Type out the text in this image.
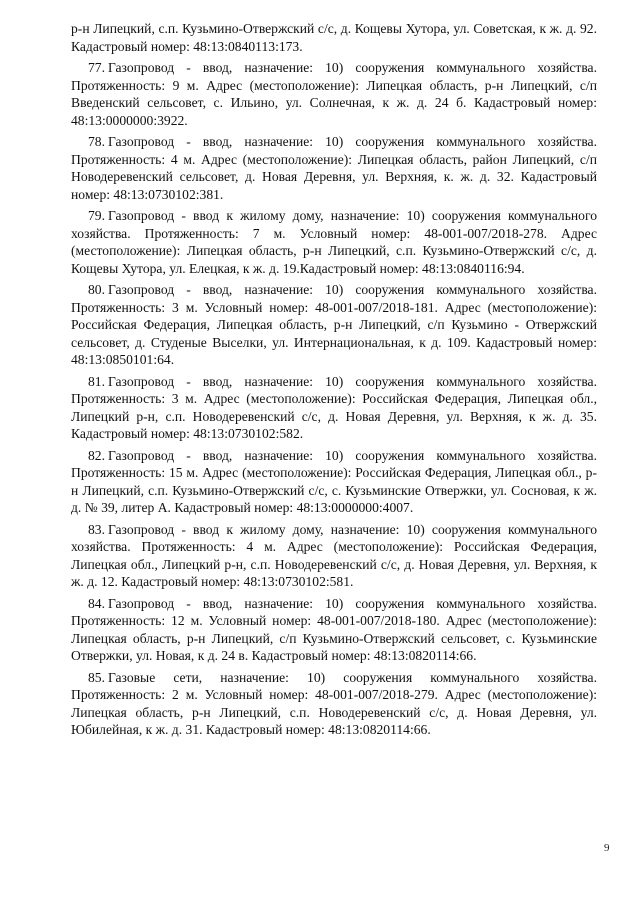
р-н Липецкий, с.п. Кузьмино-Отвержский с/с, д. Кощевы Хутора, ул. Советская, к ж. д. 92. Кадастровый номер: 48:13:0840113:173.

77. Газопровод - ввод, назначение: 10) сооружения коммунального хозяйства. Протяженность: 9 м. Адрес (местоположение): Липецкая область, р-н Липецкий, с/п Введенский сельсовет, с. Ильино, ул. Солнечная, к ж. д. 24 б. Кадастровый номер: 48:13:0000000:3922.

78. Газопровод - ввод, назначение: 10) сооружения коммунального хозяйства. Протяженность: 4 м. Адрес (местоположение): Липецкая область, район Липецкий, с/п Новодеревенский сельсовет, д. Новая Деревня, ул. Верхняя, к. ж. д. 32. Кадастровый номер: 48:13:0730102:381.

79. Газопровод - ввод к жилому дому, назначение: 10) сооружения коммунального хозяйства. Протяженность: 7 м. Условный номер: 48-001-007/2018-278. Адрес (местоположение): Липецкая область, р-н Липецкий, с.п. Кузьмино-Отвержский с/с, д. Кощевы Хутора, ул. Елецкая, к ж. д. 19.Кадастровый номер: 48:13:0840116:94.

80. Газопровод - ввод, назначение: 10) сооружения коммунального хозяйства. Протяженность: 3 м. Условный номер: 48-001-007/2018-181. Адрес (местоположение): Российская Федерация, Липецкая область, р-н Липецкий, с/п Кузьмино - Отвержский сельсовет, д. Студеные Выселки, ул. Интернациональная, к д. 109. Кадастровый номер: 48:13:0850101:64.

81. Газопровод - ввод, назначение: 10) сооружения коммунального хозяйства. Протяженность: 3 м. Адрес (местоположение): Российская Федерация, Липецкая обл., Липецкий р-н, с.п. Новодеревенский с/с, д. Новая Деревня, ул. Верхняя, к ж. д. 35. Кадастровый номер: 48:13:0730102:582.

82. Газопровод - ввод, назначение: 10) сооружения коммунального хозяйства. Протяженность: 15 м. Адрес (местоположение): Российская Федерация, Липецкая обл., р-н Липецкий, с.п. Кузьмино-Отвержский с/с, с. Кузьминские Отвержки, ул. Сосновая, к ж. д. № 39, литер А. Кадастровый номер: 48:13:0000000:4007.

83. Газопровод - ввод к жилому дому, назначение: 10) сооружения коммунального хозяйства. Протяженность: 4 м. Адрес (местоположение): Российская Федерация, Липецкая обл., Липецкий р-н, с.п. Новодеревенский с/с, д. Новая Деревня, ул. Верхняя, к ж. д. 12. Кадастровый номер: 48:13:0730102:581.

84. Газопровод - ввод, назначение: 10) сооружения коммунального хозяйства. Протяженность: 12 м. Условный номер: 48-001-007/2018-180. Адрес (местоположение): Липецкая область, р-н Липецкий, с/п Кузьмино-Отвержский сельсовет, с. Кузьминские Отвержки, ул. Новая, к д. 24 в. Кадастровый номер: 48:13:0820114:66.

85. Газовые сети, назначение: 10) сооружения коммунального хозяйства. Протяженность: 2 м. Условный номер: 48-001-007/2018-279. Адрес (местоположение): Липецкая область, р-н Липецкий, с.п. Новодеревенский с/с, д. Новая Деревня, ул. Юбилейная, к ж. д. 31. Кадастровый номер: 48:13:0820114:66.

9
